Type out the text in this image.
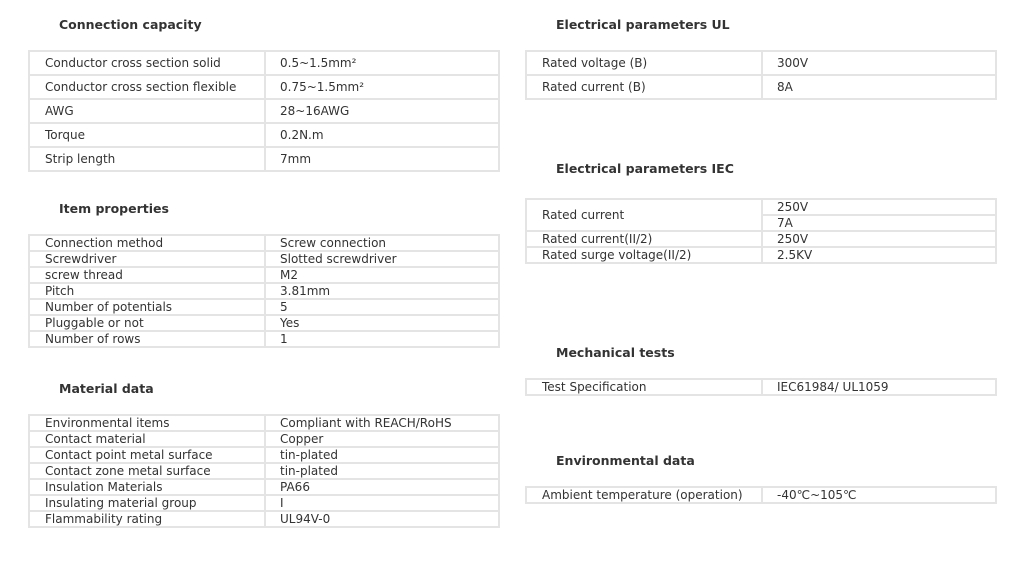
Connection capacity
Conductor cross section solid	0.5~1.5mm²
Conductor cross section flexible	0.75~1.5mm²
AWG	28~16AWG
Torque	0.2N.m
Strip length	7mm
Item properties
Connection method	Screw connection
Screwdriver	Slotted screwdriver
screw thread	M2
Pitch	3.81mm
Number of potentials	5
Pluggable or not	Yes
Number of rows	1
Material data
Environmental items	Compliant with REACH/RoHS
Contact material	Copper
Contact point metal surface	tin-plated
Contact zone metal surface	tin-plated
Insulation Materials	PA66
Insulating material group	Ⅰ
Flammability rating	UL94V-0
Electrical parameters UL
Rated voltage (B)	300V
Rated current (B)	8A
Electrical parameters IEC
Rated current	250V
	7A
Rated current(II/2)	250V
Rated surge voltage(II/2)	2.5KV
Mechanical tests
Test Specification	IEC61984/ UL1059
Environmental data
Ambient temperature (operation)	-40℃~105℃
